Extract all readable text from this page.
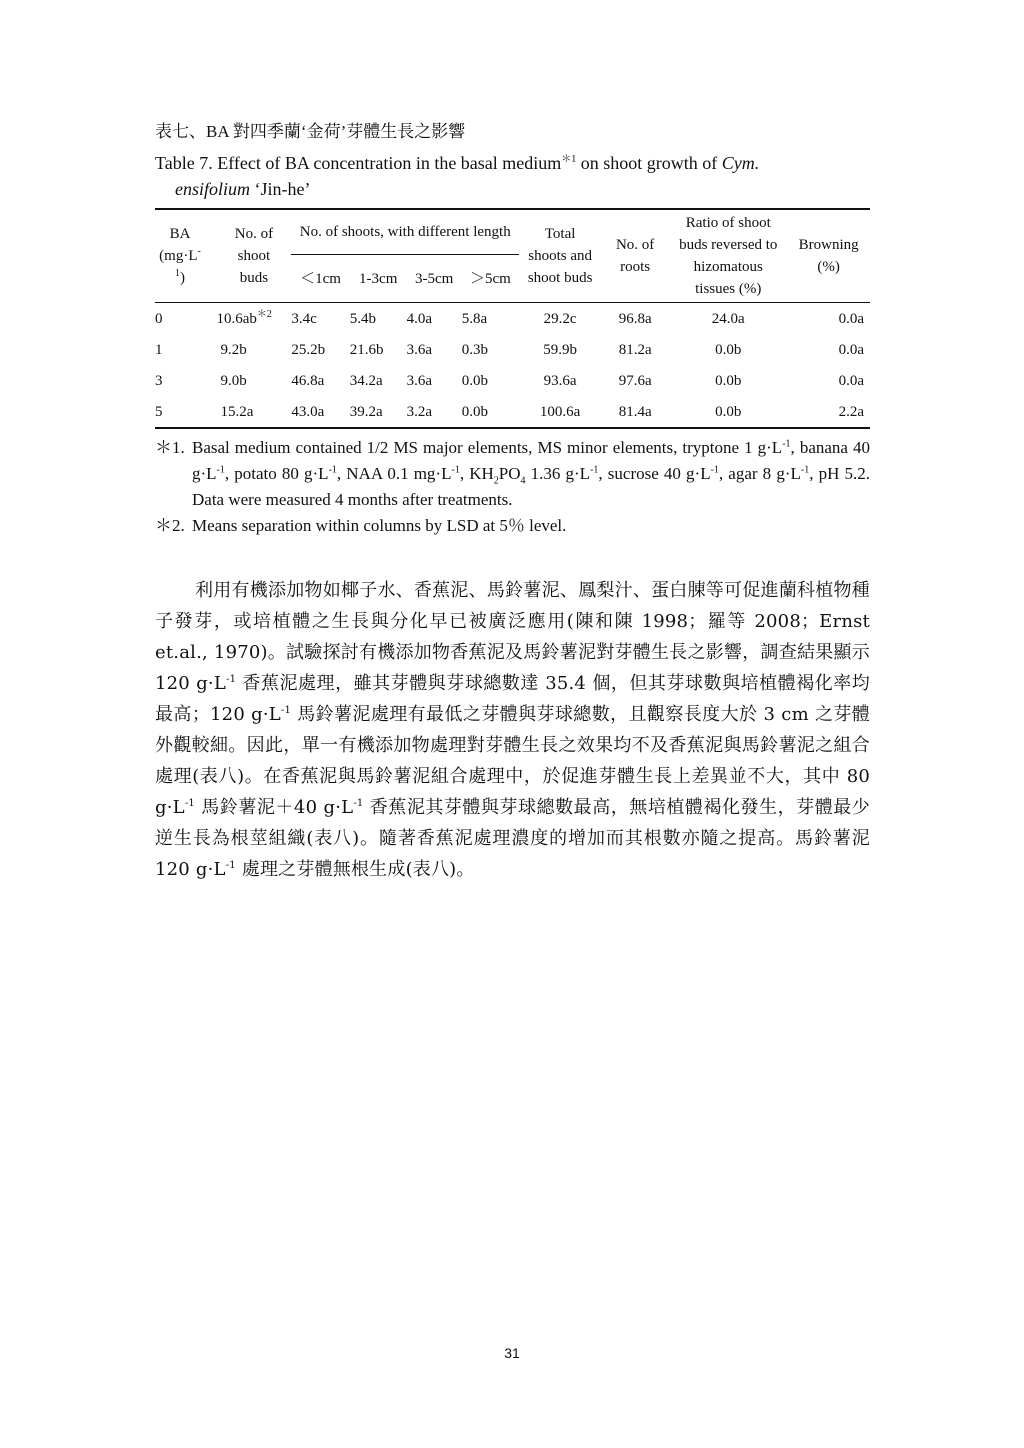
表七、BA 對四季蘭‘金荷’芽體生長之影響

Table 7. Effect of BA concentration in the basal medium$^{*1}$ on shoot growth of Cym.
ensifolium ‘Jin-he’

BA
$(mg\cdot L^{-1})$	No. of shoot buds	No. of shoots, with different length				Total shoots and shoot buds	No. of roots	Ratio of shoot buds reversed to hizomatous tissues (%)	Browning (%)

		＜1cm	1-3cm	3-5cm	＞5cm				
0	$10.6ab^{*2}$	3.4c	5.4b	4.0a	5.8a	29.2c	96.8a	24.0a	0.0a
1	9.2b	25.2b	21.6b	3.6a	0.3b	59.9b	81.2a	0.0b	0.0a
3	9.0b	46.8a	34.2a	3.6a	0.0b	93.6a	97.6a	0.0b	0.0a
5	15.2a	43.0a	39.2a	3.2a	0.0b	100.6a	81.4a	0.0b	2.2a
＊1. Basal medium contained 1/2 MS major elements, MS minor elements, tryptone 1 $g\cdot L^{-1}$, banana 40 $g\cdot L^{-1}$, potato 80 $g\cdot L^{-1}$, NAA 0.1 $mg\cdot L^{-1}$, $KH_2PO_4$ 1.36 $g\cdot L^{-1}$, sucrose 40 $g\cdot L^{-1}$, agar 8 $g\cdot L^{-1}$, pH 5.2. Data were measured 4 months after treatments.
＊2. Means separation within columns by LSD at 5％ level.

利用有機添加物如椰子水、香蕉泥、馬鈴薯泥、鳳梨汁、蛋白腖等可促進蘭科植物種子發芽，或培植體之生長與分化早已被廣泛應用(陳和陳 1998；羅等 2008；Ernst et.al., 1970)。試驗探討有機添加物香蕉泥及馬鈴薯泥對芽體生長之影響，調查結果顯示 120 $g\cdot L^{-1}$ 香蕉泥處理，雖其芽體與芽球總數達 35.4 個，但其芽球數與培植體褐化率均最高；120 $g\cdot L^{-1}$ 馬鈴薯泥處理有最低之芽體與芽球總數，且觀察長度大於 3 cm 之芽體外觀較細。因此，單一有機添加物處理對芽體生長之效果均不及香蕉泥與馬鈴薯泥之組合處理(表八)。在香蕉泥與馬鈴薯泥組合處理中，於促進芽體生長上差異並不大，其中 80 $g\cdot L^{-1}$ 馬鈴薯泥＋40 $g\cdot L^{-1}$ 香蕉泥其芽體與芽球總數最高，無培植體褐化發生，芽體最少逆生長為根莖組織(表八)。隨著香蕉泥處理濃度的增加而其根數亦隨之提高。馬鈴薯泥 120 $g\cdot L^{-1}$ 處理之芽體無根生成(表八)。

31
